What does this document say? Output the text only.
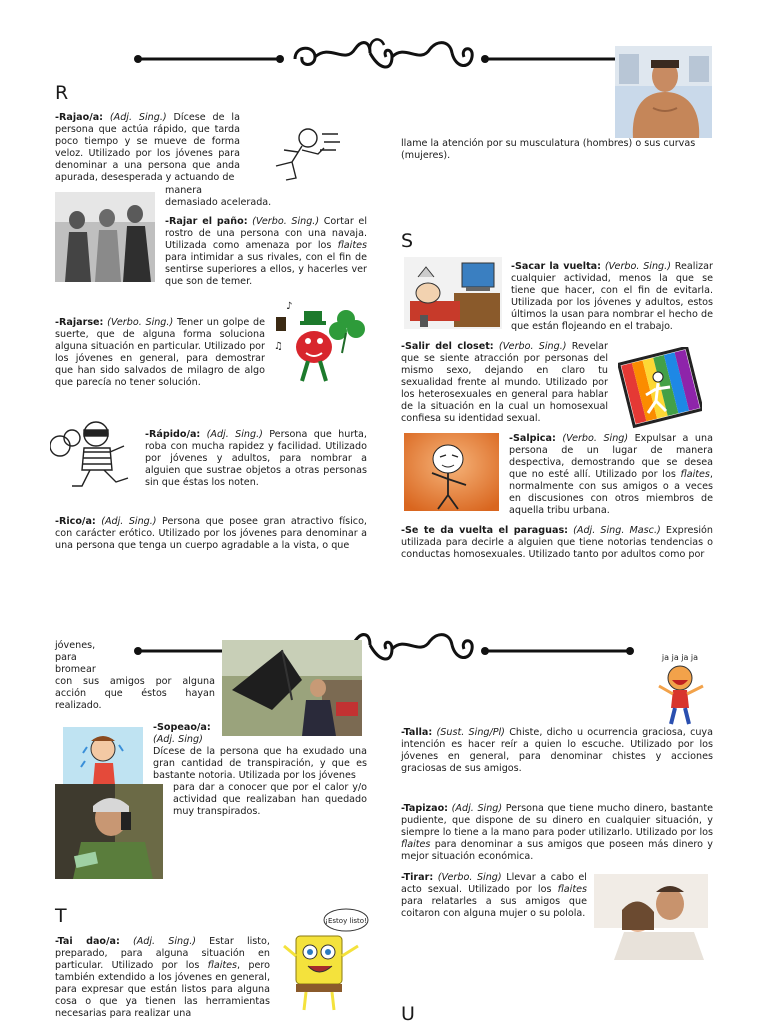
R

-Rajao/a: (Adj. Sing.) Dícese de la persona que actúa rápido, que tarda poco tiempo y se mueve de forma veloz. Utilizado por los jóvenes para denominar a una persona que anda apurada, desesperada y actuando de

manera
demasiado acelerada.

-Rajar el paño: (Verbo. Sing.) Cortar el rostro de una persona con una navaja. Utilizada como amenaza por los flaites para intimidar a sus rivales, con el fin de sentirse superiores a ellos, y hacerles ver que son de temer.

-Rajarse: (Verbo. Sing.) Tener un golpe de suerte, que de alguna forma soluciona alguna situación en particular. Utilizado por los jóvenes en general, para demostrar que han sido salvados de milagro de algo que parecía no tener solución.

♪
♫

-Rápido/a: (Adj. Sing.) Persona que hurta, roba con mucha rapidez y facilidad. Utilizado por jóvenes y adultos, para nombrar a alguien que sustrae objetos a otras personas sin que éstas los noten.

-Rico/a: (Adj. Sing.) Persona que posee gran atractivo físico, con carácter erótico. Utilizado por los jóvenes para denominar a una persona que tenga un cuerpo agradable a la vista, o que

llame la atención por su musculatura (hombres) o sus curvas (mujeres).

S

-Sacar la vuelta: (Verbo. Sing.) Realizar cualquier actividad, menos la que se tiene que hacer, con el fin de evitarla. Utilizada por los jóvenes y adultos, estos últimos la usan para nombrar el hecho de que están flojeando en el trabajo.

-Salir del closet: (Verbo. Sing.) Revelar que se siente atracción por personas del mismo sexo, dejando en claro tu sexualidad frente al mundo. Utilizado por los heterosexuales en general para hablar de la situación en la cual un homosexual confiesa su identidad sexual.

-Salpica: (Verbo. Sing) Expulsar a una persona de un lugar de manera despectiva, demostrando que se desea que no esté allí. Utilizado por los flaites, normalmente con sus amigos o a veces en discusiones con otros miembros de aquella tribu urbana.

-Se te da vuelta el paraguas: (Adj. Sing. Masc.) Expresión utilizada para decirle a alguien que tiene notorias tendencias o conductas homosexuales. Utilizado tanto por adultos como por

jóvenes,
para
bromear

con sus amigos por alguna acción que éstos hayan realizado.

-Sopeao/a:
(Adj. Sing)
Dícese de la persona que ha exudado una gran cantidad de transpiración, y que es bastante notoria. Utilizada por los jóvenes

para dar a conocer que por el calor y/o actividad que realizaban han quedado muy transpirados.

T

-Tai dao/a: (Adj. Sing.) Estar listo, preparado, para alguna situación en particular. Utilizado por los flaites, pero también extendido a los jóvenes en general, para expresar que están listos para alguna cosa o que ya tienen las herramientas necesarias para realizar una

¡Estoy listo!
ja ja ja ja

-Talla: (Sust. Sing/Pl) Chiste, dicho u ocurrencia graciosa, cuya intención es hacer reír a quien lo escuche. Utilizado por los jóvenes en general, para denominar chistes y acciones graciosas de sus amigos.

-Tapizao: (Adj. Sing) Persona que tiene mucho dinero, bastante pudiente, que dispone de su dinero en cualquier situación, y siempre lo tiene a la mano para poder utilizarlo. Utilizado por los flaites para denominar a sus amigos que poseen más dinero y mejor situación económica.

-Tirar: (Verbo. Sing) Llevar a cabo el acto sexual. Utilizado por los flaites para relatarles a sus amigos que coitaron con alguna mujer o su polola.

U
